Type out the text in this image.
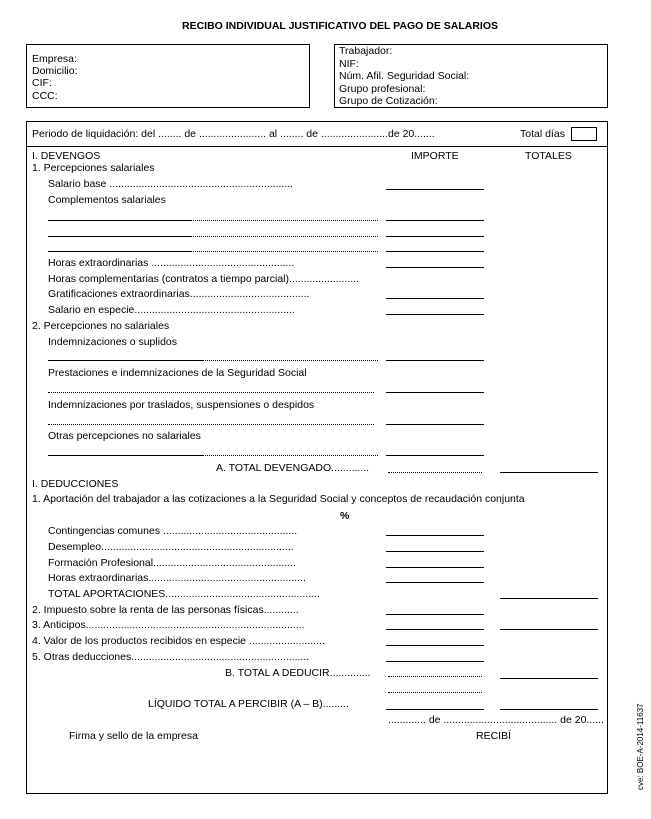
RECIBO INDIVIDUAL JUSTIFICATIVO DEL PAGO DE SALARIOS
Empresa:
Domicilio:
CIF:
CCC:
Trabajador:
NIF:
Núm. Afil. Seguridad Social:
Grupo profesional:
Grupo de Cotización:
Periodo de liquidación: del ........ de ....................... al ........ de .......................de 20.......	Total días
I. DEVENGOS	IMPORTE	TOTALES
1. Percepciones salariales
Salario base ...............................................................
Complementos salariales
Horas extraordinarias .................................................
Horas complementarias (contratos a tiempo parcial)........................
Gratificaciones extraordinarias.........................................
Salario en especie.......................................................
2. Percepciones no salariales
Indemnizaciones o suplidos
Prestaciones e indemnizaciones de la Seguridad Social
Indemnizaciones por traslados, suspensiones o despidos
Otras percepciones no salariales
A. TOTAL DEVENGADO.............
I. DEDUCCIONES
1. Aportación del trabajador a las cotizaciones a la Seguridad Social y conceptos de recaudación conjunta
%
Contingencias comunes ..............................................
Desempleo..................................................................
Formación Profesional.................................................
Horas extraordinarias......................................................
TOTAL APORTACIONES.....................................................
2. Impuesto sobre la renta de las personas físicas............
3. Anticipos...........................................................................
4. Valor de los productos recibidos en especie ..........................
5. Otras deducciones.............................................................
B. TOTAL A DEDUCIR..............
LÍQUIDO TOTAL A PERCIBIR (A – B).........
............. de ....................................... de 20......
Firma y sello de la empresa	RECIBÍ	cve: BOE-A-2014-11637
